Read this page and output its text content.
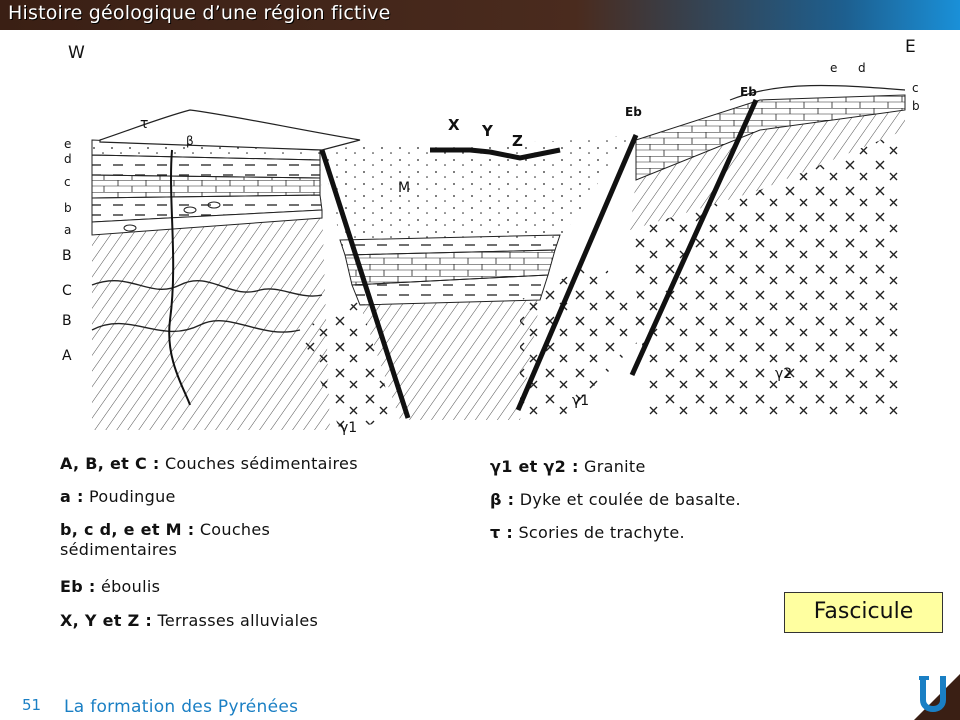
Histoire géologique d’une région fictive
W	E
e
d
c
b
a
B
C
B
A
c
b
e d
X Y
Z
Eb
Eb
τ
β
M
γ1
γ1
γ2
A, B, et C : Couches sédimentaires
a : Poudingue
b, c d, e et M : Couches sédimentaires
Eb : éboulis
X, Y et Z : Terrasses alluviales
γ1 et γ2 : Granite
β : Dyke et coulée de basalte.
τ : Scories de trachyte.
Fascicule
51 La formation des Pyrénées
